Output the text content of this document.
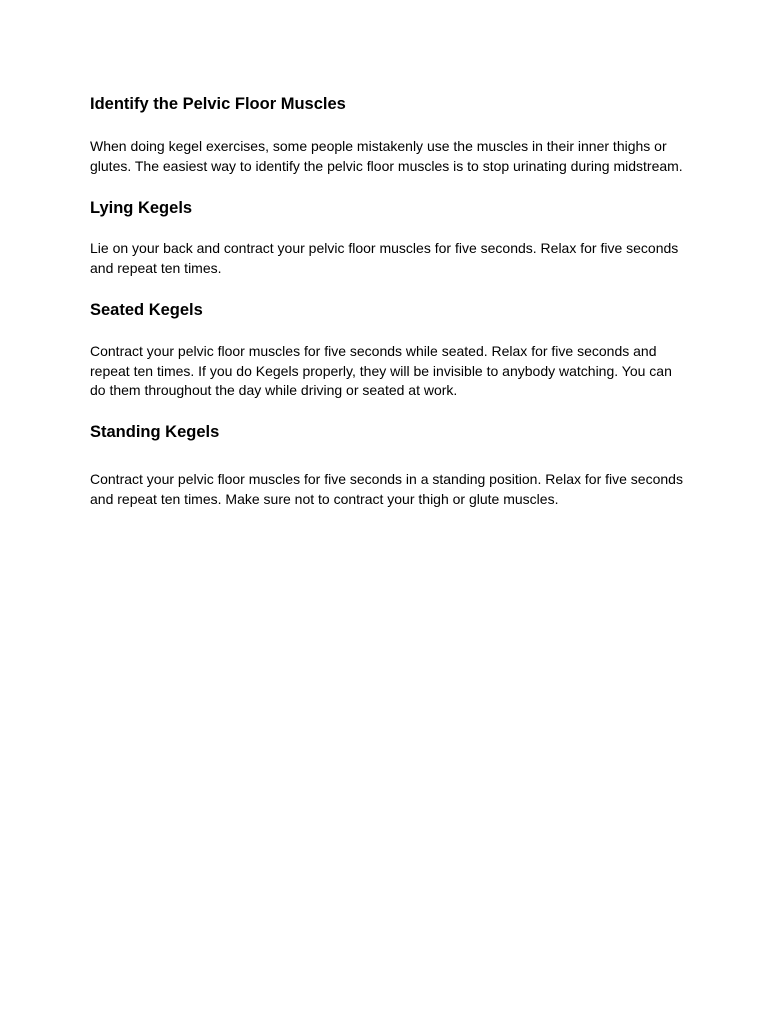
Identify the Pelvic Floor Muscles

When doing kegel exercises, some people mistakenly use the muscles in their inner thighs or
glutes. The easiest way to identify the pelvic floor muscles is to stop urinating during midstream.

Lying Kegels

Lie on your back and contract your pelvic floor muscles for five seconds. Relax for five seconds
and repeat ten times.

Seated Kegels

Contract your pelvic floor muscles for five seconds while seated. Relax for five seconds and
repeat ten times. If you do Kegels properly, they will be invisible to anybody watching. You can
do them throughout the day while driving or seated at work.

Standing Kegels

Contract your pelvic floor muscles for five seconds in a standing position. Relax for five seconds
and repeat ten times. Make sure not to contract your thigh or glute muscles.
